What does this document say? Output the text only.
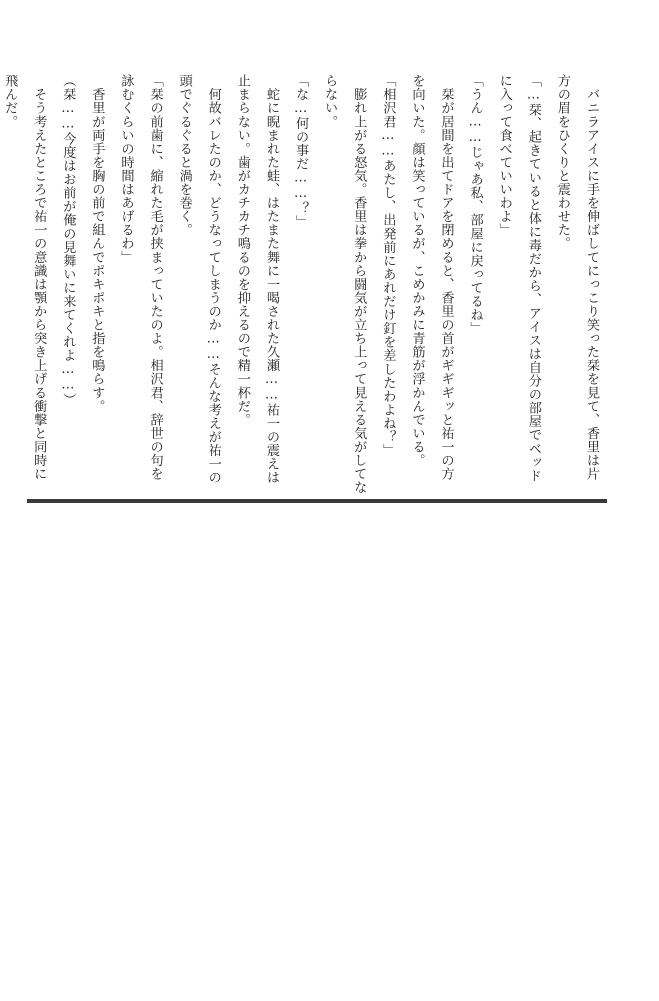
　バニラアイスに手を伸ばしてにっこり笑った栞を見て、香里は片
方の眉をひくりと震わせた。
「…栞、起きていると体に毒だから、アイスは自分の部屋でベッド
に入って食べていいわよ」
「うん……じゃあ私、部屋に戻ってるね」
　栞が居間を出てドアを閉めると、香里の首がギギギッと祐一の方
を向いた。顔は笑っているが、こめかみに青筋が浮かんでいる。
「相沢君……あたし、出発前にあれだけ釘を差したわよね？」
　膨れ上がる怒気。香里は拳から闘気が立ち上って見える気がしてな
らない。
「な…何の事だ……？」
　蛇に睨まれた蛙、はたまた舞に一喝された久瀬……祐一の震えは
止まらない。歯がカチカチ鳴るのを抑えるので精一杯だ。
　何故バレたのか、どうなってしまうのか……そんな考えが祐一の
頭でぐるぐると渦を巻く。
「栞の前歯に、縮れた毛が挟まっていたのよ。相沢君、辞世の句を
詠むくらいの時間はあげるわ」
　香里が両手を胸の前で組んでポキポキと指を鳴らす。
（栞……今度はお前が俺の見舞いに来てくれよ……）
　そう考えたところで祐一の意識は顎から突き上げる衝撃と同時に
飛んだ。
